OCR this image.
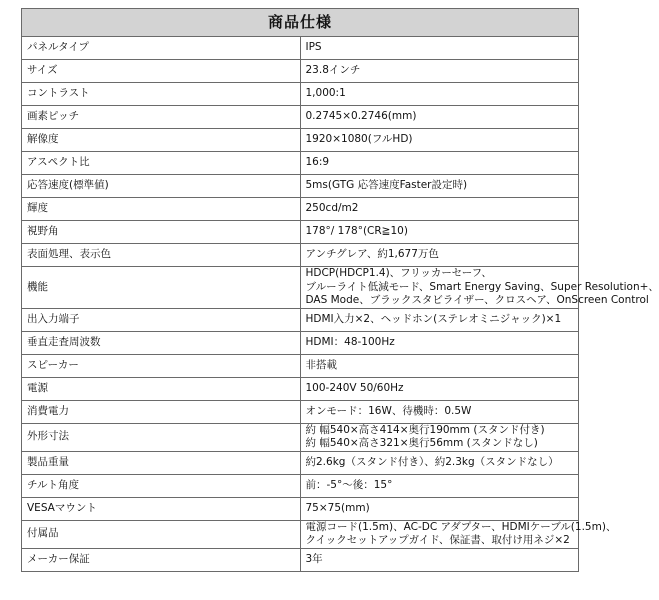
商品仕様	
パネルタイプ	IPS

サイズ	23.8インチ

コントラスト	1,000:1

画素ピッチ	0.2745×0.2746(mm)

解像度	1920×1080(フルHD)

アスペクト比	16:9

応答速度(標準値)	5ms(GTG 応答速度Faster設定時)

輝度	250cd/m2

視野角	178°/ 178°(CR≧10)

表面処理、表示色	アンチグレア、約1,677万色

機能	HDCP(HDCP1.4)、フリッカーセーフ、
ブルーライト低減モード、Smart Energy Saving、Super Resolution+、
DAS Mode、ブラックスタビライザー、クロスヘア、OnScreen Control

出入力端子	HDMI入力×2、ヘッドホン(ステレオミニジャック)×1

垂直走査周波数	HDMI：48-100Hz

スピーカー	非搭載

電源	100-240V 50/60Hz

消費電力	オンモード：16W、待機時：0.5W

外形寸法	約 幅540×高さ414×奥行190mm (スタンド付き)
約 幅540×高さ321×奥行56mm (スタンドなし)

製品重量	約2.6kg（スタンド付き）、約2.3kg（スタンドなし）

チルト角度	前：-5°～後：15°

VESAマウント	75×75(mm)

付属品	電源コード(1.5m)、AC-DC アダプター、HDMIケーブル(1.5m)、
クイックセットアップガイド、保証書、取付け用ネジ×2

メーカー保証	3年
